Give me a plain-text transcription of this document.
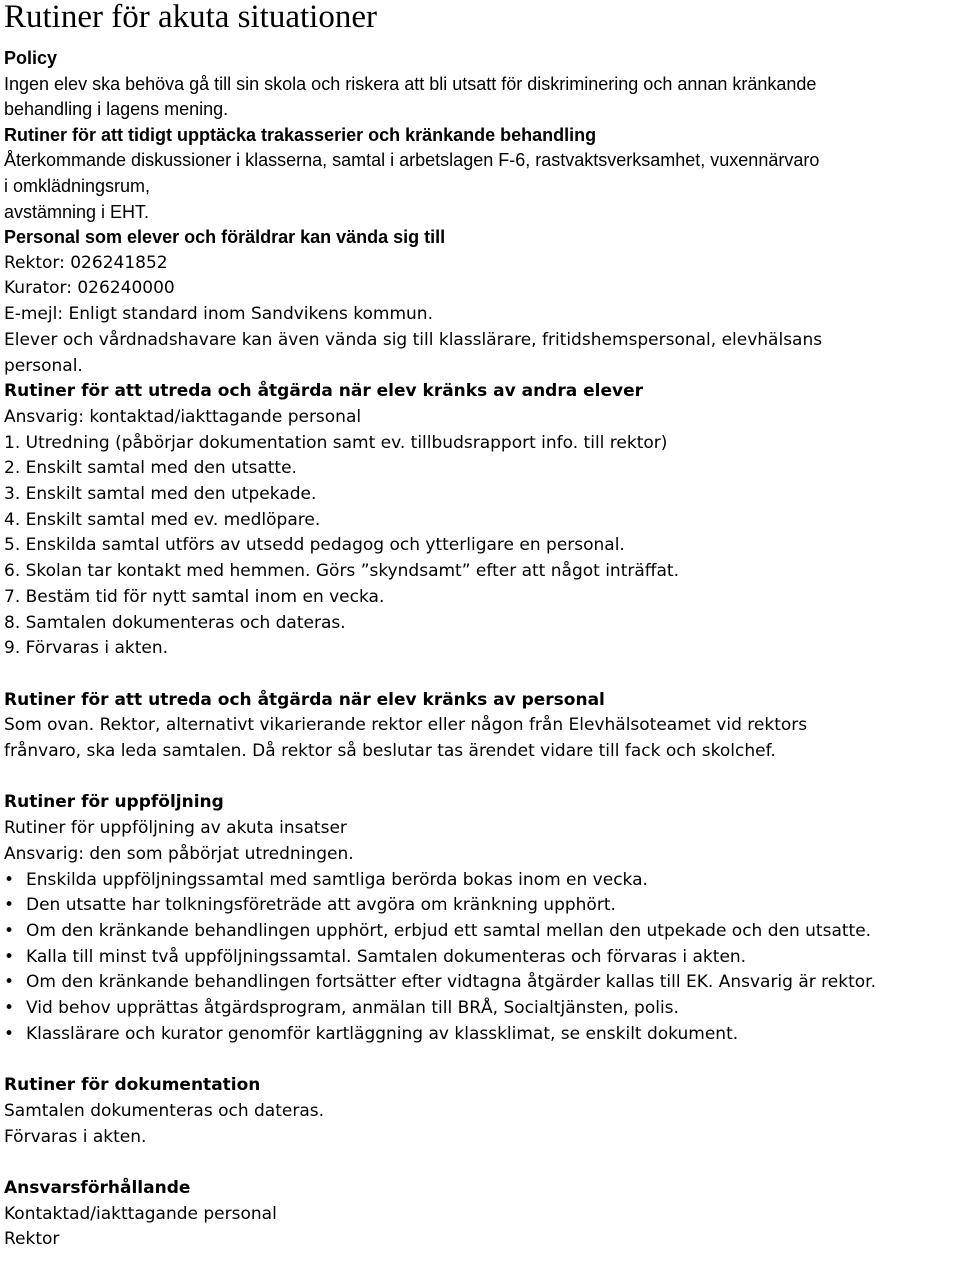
Rutiner för akuta situationer

Policy

Ingen elev ska behöva gå till sin skola och riskera att bli utsatt för diskriminering och annan kränkande behandling i lagens mening.

Rutiner för att tidigt upptäcka trakasserier och kränkande behandling

Återkommande diskussioner i klasserna, samtal i arbetslagen F-6, rastvaktsverksamhet, vuxennärvaro

i omklädningsrum,

avstämning i EHT.

Personal som elever och föräldrar kan vända sig till

Rektor: 026241852

Kurator: 026240000

E-mejl: Enligt standard inom Sandvikens kommun.

Elever och vårdnadshavare kan även vända sig till klasslärare, fritidshemspersonal, elevhälsans

personal.

Rutiner för att utreda och åtgärda när elev kränks av andra elever

Ansvarig: kontaktad/iakttagande personal

1. Utredning (påbörjar dokumentation samt ev. tillbudsrapport info. till rektor)

2. Enskilt samtal med den utsatte.

3. Enskilt samtal med den utpekade.

4. Enskilt samtal med ev. medlöpare.

5. Enskilda samtal utförs av utsedd pedagog och ytterligare en personal.

6. Skolan tar kontakt med hemmen. Görs ”skyndsamt” efter att något inträffat.

7. Bestäm tid för nytt samtal inom en vecka.

8. Samtalen dokumenteras och dateras.

9. Förvaras i akten.

Rutiner för att utreda och åtgärda när elev kränks av personal

Som ovan. Rektor, alternativt vikarierande rektor eller någon från Elevhälsoteamet vid rektors

frånvaro, ska leda samtalen. Då rektor så beslutar tas ärendet vidare till fack och skolchef.

Rutiner för uppföljning

Rutiner för uppföljning av akuta insatser

Ansvarig: den som påbörjat utredningen.

• Enskilda uppföljningssamtal med samtliga berörda bokas inom en vecka.
• Den utsatte har tolkningsföreträde att avgöra om kränkning upphört.
• Om den kränkande behandlingen upphört, erbjud ett samtal mellan den utpekade och den utsatte.
• Kalla till minst två uppföljningssamtal. Samtalen dokumenteras och förvaras i akten.
• Om den kränkande behandlingen fortsätter efter vidtagna åtgärder kallas till EK. Ansvarig är rektor.
• Vid behov upprättas åtgärdsprogram, anmälan till BRÅ, Socialtjänsten, polis.
• Klasslärare och kurator genomför kartläggning av klassklimat, se enskilt dokument.

Rutiner för dokumentation

Samtalen dokumenteras och dateras.

Förvaras i akten.

Ansvarsförhållande

Kontaktad/iakttagande personal

Rektor
